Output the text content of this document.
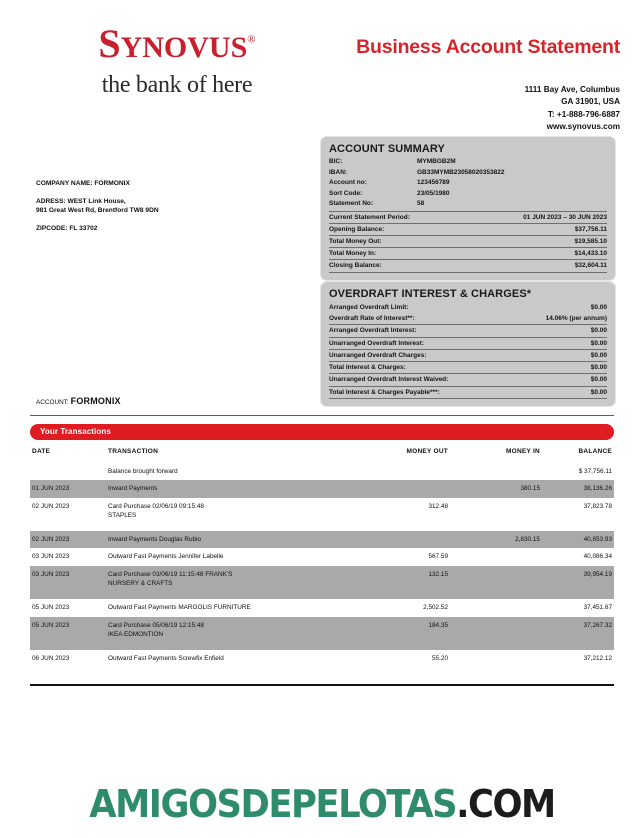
SYNOVUS®
the bank of here
Business Account Statement
1111 Bay Ave, Columbus
GA 31901, USA
T: +1-888-796-6887
www.synovus.com
COMPANY NAME: FORMONIX
ADRESS: WEST Link House,
981 Great West Rd, Brentford TW8 9DN
ZIPCODE: FL 33702
ACCOUNT SUMMARY
BIC:	MYMBGB2M
IBAN:	GB33MYMB23058020353822
Account no:	123456789
Sort Code:	23/05/1980
Statement No:	58
Current Statement Period:	01 JUN 2023 – 30 JUN 2023
Opening Balance:	$37,756.11
Total Money Out:	$19,585.10
Total Money In:	$14,433.10
Closing Balance:	$32,604.11
OVERDRAFT INTEREST & CHARGES*
Arranged Overdraft Limit:	$0.00
Overdraft Rate of Interest**:	14.06% (per annum)
Arranged Overdraft Interest:	$0.00
Unarranged Overdraft Interest:	$0.00
Unarranged Overdraft Charges:	$0.00
Total Interest & Charges:	$0.00
Unarranged Overdraft Interest Waived:	$0.00
Total Interest & Charges Payable***:	$0.00
ACCOUNT: FORMONIX
Your Transactions
DATE	TRANSACTION	MONEY OUT	MONEY IN	BALANCE

	Balance brought forward			$ 37,756.11
01 JUN 2023	Inward Payments		380.15	38,136.26
02 JUN 2023	Card Purchase 02/06/19 09:15:48
STAPLES	312.48		37,823.78
02 JUN 2023	Inward Payments Douglas Rubio		2,830.15	40,653.93
03 JUN 2023	Outward Fast Payments Jennifer Labelle	567.59		40,086.34
03 JUN 2023	Card Purchase 03/06/19 11:15:48 FRANK'S
NURSERY & CRAFTS	132.15		39,954.19
05 JUN 2023	Outward Fast Payments MARGOLIS FURNITURE	2,502.52		37,451.67
05 JUN 2023	Card Purchase 05/06/19 12:15:48
IKEA EDMONTION	184.35		37,267.32
06 JUN 2023	Outward Fast Payments Screwfix Enfield	55.20		37,212.12
AMIGOSDEPELOTAS.COM
